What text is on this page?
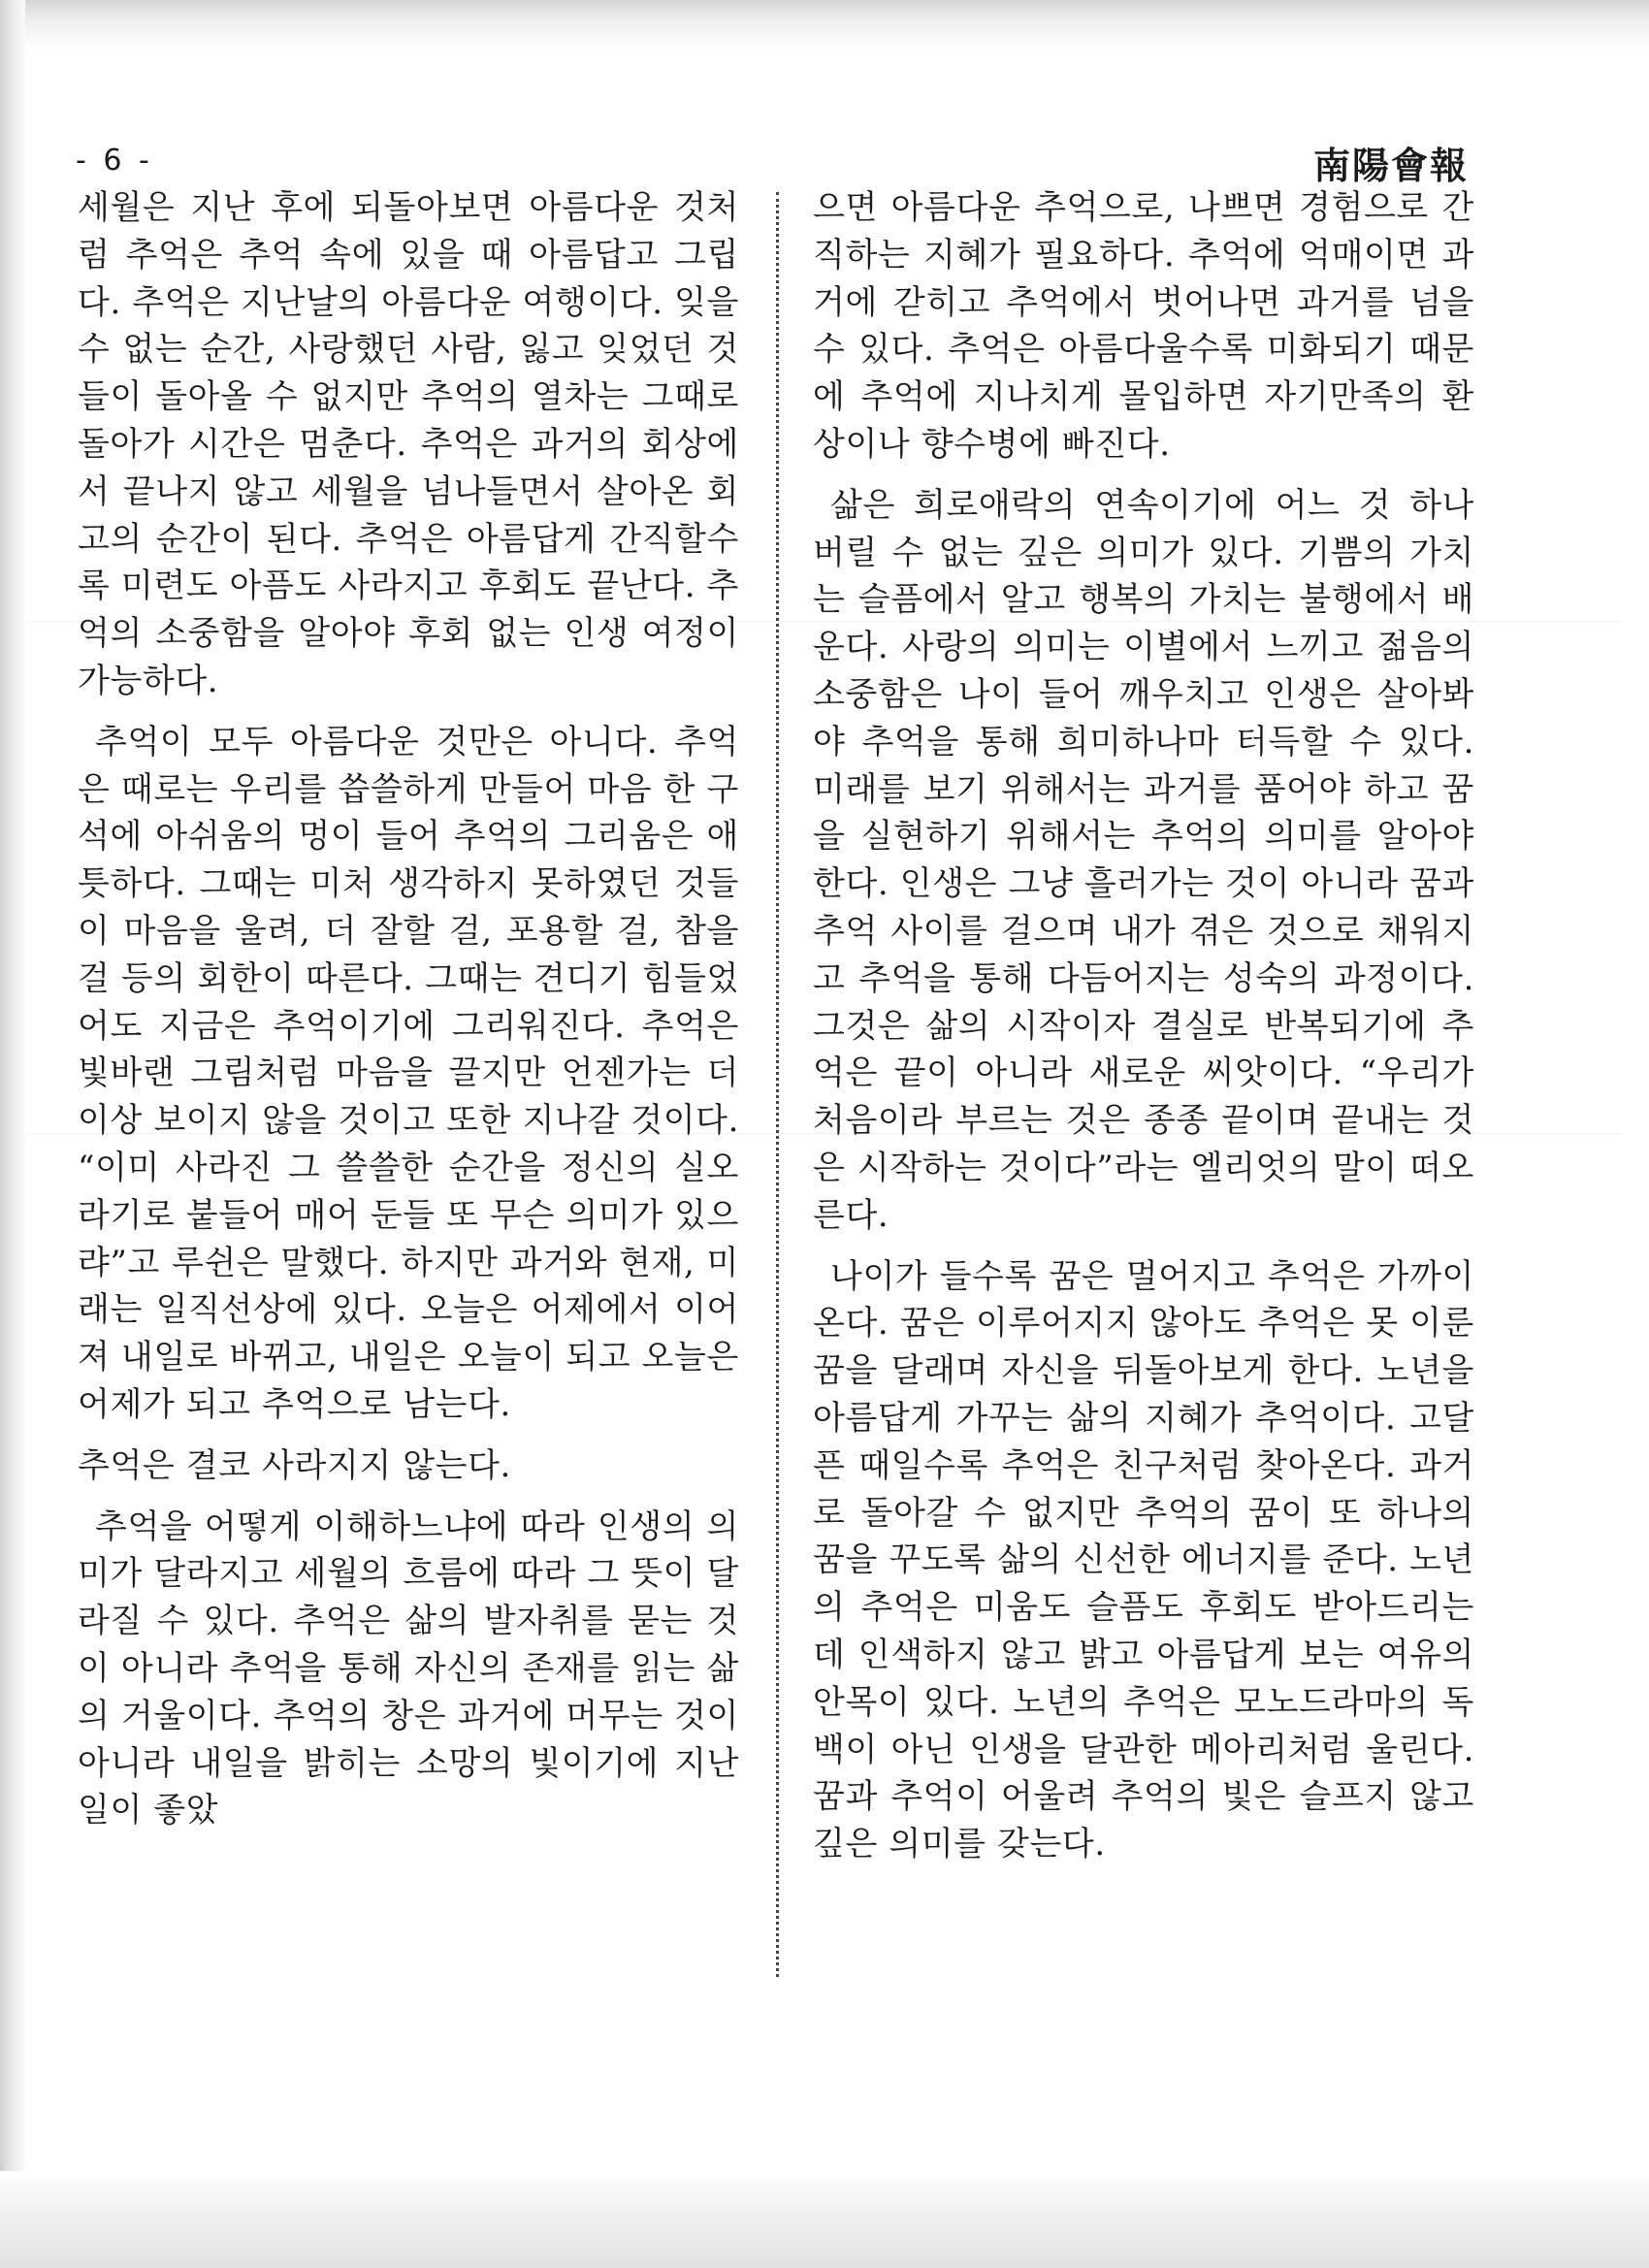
- 6 -	南陽會報

세월은 지난 후에 되돌아보면 아름다운 것처럼 추억은 추억 속에 있을 때 아름답고 그립다. 추억은 지난날의 아름다운 여행이다. 잊을 수 없는 순간, 사랑했던 사람, 잃고 잊었던 것들이 돌아올 수 없지만 추억의 열차는 그때로 돌아가 시간은 멈춘다. 추억은 과거의 회상에서 끝나지 않고 세월을 넘나들면서 살아온 회고의 순간이 된다. 추억은 아름답게 간직할수록 미련도 아픔도 사라지고 후회도 끝난다. 추억의 소중함을 알아야 후회 없는 인생 여정이 가능하다.

추억이 모두 아름다운 것만은 아니다. 추억은 때로는 우리를 씁쓸하게 만들어 마음 한 구석에 아쉬움의 멍이 들어 추억의 그리움은 애틋하다. 그때는 미처 생각하지 못하였던 것들이 마음을 울려, 더 잘할 걸, 포용할 걸, 참을 걸 등의 회한이 따른다. 그때는 견디기 힘들었어도 지금은 추억이기에 그리워진다. 추억은 빛바랜 그림처럼 마음을 끌지만 언젠가는 더 이상 보이지 않을 것이고 또한 지나갈 것이다. “이미 사라진 그 쓸쓸한 순간을 정신의 실오라기로 붙들어 매어 둔들 또 무슨 의미가 있으랴”고 루쉰은 말했다. 하지만 과거와 현재, 미래는 일직선상에 있다. 오늘은 어제에서 이어져 내일로 바뀌고, 내일은 오늘이 되고 오늘은 어제가 되고 추억으로 남는다.

추억은 결코 사라지지 않는다.

추억을 어떻게 이해하느냐에 따라 인생의 의미가 달라지고 세월의 흐름에 따라 그 뜻이 달라질 수 있다. 추억은 삶의 발자취를 묻는 것이 아니라 추억을 통해 자신의 존재를 읽는 삶의 거울이다. 추억의 창은 과거에 머무는 것이 아니라 내일을 밝히는 소망의 빛이기에 지난 일이 좋았

으면 아름다운 추억으로, 나쁘면 경험으로 간직하는 지혜가 필요하다. 추억에 억매이면 과거에 갇히고 추억에서 벗어나면 과거를 넘을 수 있다. 추억은 아름다울수록 미화되기 때문에 추억에 지나치게 몰입하면 자기만족의 환상이나 향수병에 빠진다.

삶은 희로애락의 연속이기에 어느 것 하나 버릴 수 없는 깊은 의미가 있다. 기쁨의 가치는 슬픔에서 알고 행복의 가치는 불행에서 배운다. 사랑의 의미는 이별에서 느끼고 젊음의 소중함은 나이 들어 깨우치고 인생은 살아봐야 추억을 통해 희미하나마 터득할 수 있다. 미래를 보기 위해서는 과거를 품어야 하고 꿈을 실현하기 위해서는 추억의 의미를 알아야 한다. 인생은 그냥 흘러가는 것이 아니라 꿈과 추억 사이를 걸으며 내가 겪은 것으로 채워지고 추억을 통해 다듬어지는 성숙의 과정이다. 그것은 삶의 시작이자 결실로 반복되기에 추억은 끝이 아니라 새로운 씨앗이다. “우리가 처음이라 부르는 것은 종종 끝이며 끝내는 것은 시작하는 것이다”라는 엘리엇의 말이 떠오른다.

나이가 들수록 꿈은 멀어지고 추억은 가까이 온다. 꿈은 이루어지지 않아도 추억은 못 이룬 꿈을 달래며 자신을 뒤돌아보게 한다. 노년을 아름답게 가꾸는 삶의 지혜가 추억이다. 고달픈 때일수록 추억은 친구처럼 찾아온다. 과거로 돌아갈 수 없지만 추억의 꿈이 또 하나의 꿈을 꾸도록 삶의 신선한 에너지를 준다. 노년의 추억은 미움도 슬픔도 후회도 받아드리는 데 인색하지 않고 밝고 아름답게 보는 여유의 안목이 있다. 노년의 추억은 모노드라마의 독백이 아닌 인생을 달관한 메아리처럼 울린다. 꿈과 추억이 어울려 추억의 빛은 슬프지 않고 깊은 의미를 갖는다.
